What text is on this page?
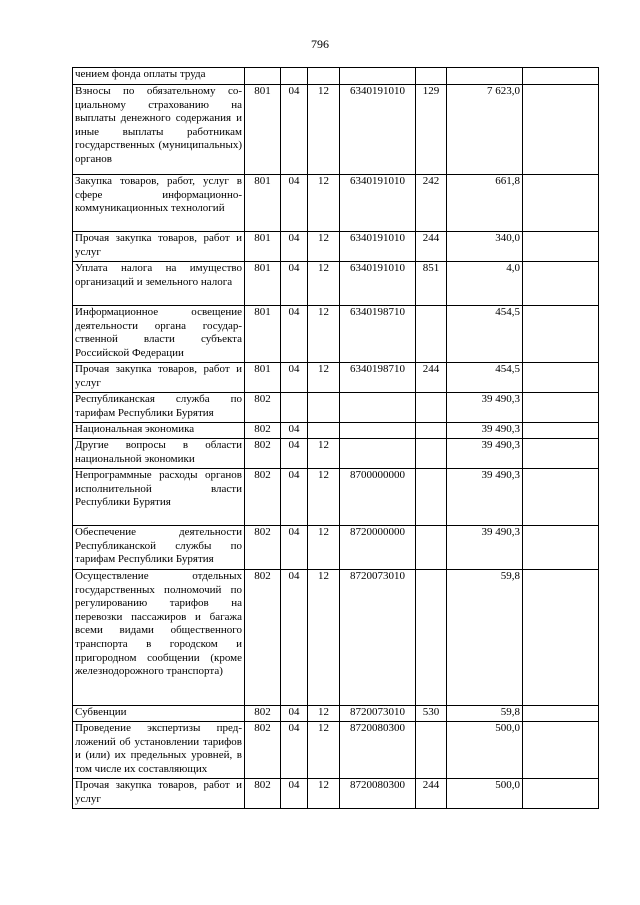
796
чением фонда оплаты труда							
Взносы по обязательному социальному страхованию на выплаты денежного содержания и иные выплаты работникам государственных (муниципальных) органов	801	04	12	6340191010	129	7 623,0	
Закупка товаров, работ, услуг в сфере информационно-коммуникационных технологий	801	04	12	6340191010	242	661,8	
Прочая закупка товаров, работ и услуг	801	04	12	6340191010	244	340,0	
Уплата налога на имущество организаций и земельного налога	801	04	12	6340191010	851	4,0	
Информационное освещение деятельности органа государственной власти субъекта Российской Федерации	801	04	12	6340198710		454,5	
Прочая закупка товаров, работ и услуг	801	04	12	6340198710	244	454,5	
Республиканская служба по тарифам Республики Бурятия	802					39 490,3	
Национальная экономика	802	04				39 490,3	
Другие вопросы в области национальной экономики	802	04	12			39 490,3	
Непрограммные расходы органов исполнительной власти Республики Бурятия	802	04	12	8700000000		39 490,3	
Обеспечение деятельности Республиканской службы по тарифам Республики Бурятия	802	04	12	8720000000		39 490,3	
Осуществление отдельных государственных полномочий по регулированию тарифов на перевозки пассажиров и багажа всеми видами общественного транспорта в городском и пригородном сообщении (кроме железнодорожного транспорта)	802	04	12	8720073010		59,8	
Субвенции	802	04	12	8720073010	530	59,8	
Проведение экспертизы предложений об установлении тарифов и (или) их предельных уровней, в том числе их составляющих	802	04	12	8720080300		500,0	
Прочая закупка товаров, работ и услуг	802	04	12	8720080300	244	500,0	
